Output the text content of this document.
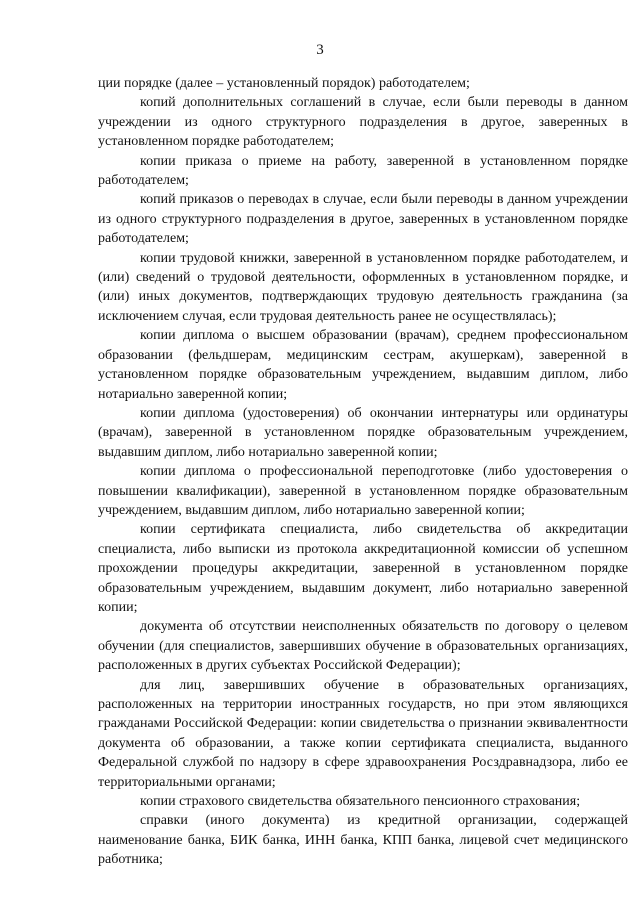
3

ции порядке (далее – установленный порядок) работодателем;

копий дополнительных соглашений в случае, если были переводы в данном учреждении из одного структурного подразделения в другое, заверенных в установленном порядке работодателем;

копии приказа о приеме на работу, заверенной в установленном порядке работодателем;

копий приказов о переводах в случае, если были переводы в данном учреждении из одного структурного подразделения в другое, заверенных в установленном порядке работодателем;

копии трудовой книжки, заверенной в установленном порядке работодателем, и (или) сведений о трудовой деятельности, оформленных в установленном порядке, и (или) иных документов, подтверждающих трудовую деятельность гражданина (за исключением случая, если трудовая деятельность ранее не осуществлялась);

копии диплома о высшем образовании (врачам), среднем профессиональном образовании (фельдшерам, медицинским сестрам, акушеркам), заверенной в установленном порядке образовательным учреждением, выдавшим диплом, либо нотариально заверенной копии;

копии диплома (удостоверения) об окончании интернатуры или ординатуры (врачам), заверенной в установленном порядке образовательным учреждением, выдавшим диплом, либо нотариально заверенной копии;

копии диплома о профессиональной переподготовке (либо удостоверения о повышении квалификации), заверенной в установленном порядке образовательным учреждением, выдавшим диплом, либо нотариально заверенной копии;

копии сертификата специалиста, либо свидетельства об аккредитации специалиста, либо выписки из протокола аккредитационной комиссии об успешном прохождении процедуры аккредитации, заверенной в установленном порядке образовательным учреждением, выдавшим документ, либо нотариально заверенной копии;

документа об отсутствии неисполненных обязательств по договору о целевом обучении (для специалистов, завершивших обучение в образовательных организациях, расположенных в других субъектах Российской Федерации);

для лиц, завершивших обучение в образовательных организациях, расположенных на территории иностранных государств, но при этом являющихся гражданами Российской Федерации: копии свидетельства о признании эквивалентности документа об образовании, а также копии сертификата специалиста, выданного Федеральной службой по надзору в сфере здравоохранения Росздравнадзора, либо ее территориальными органами;

копии страхового свидетельства обязательного пенсионного страхования;

справки (иного документа) из кредитной организации, содержащей наименование банка, БИК банка, ИНН банка, КПП банка, лицевой счет медицинского работника;
